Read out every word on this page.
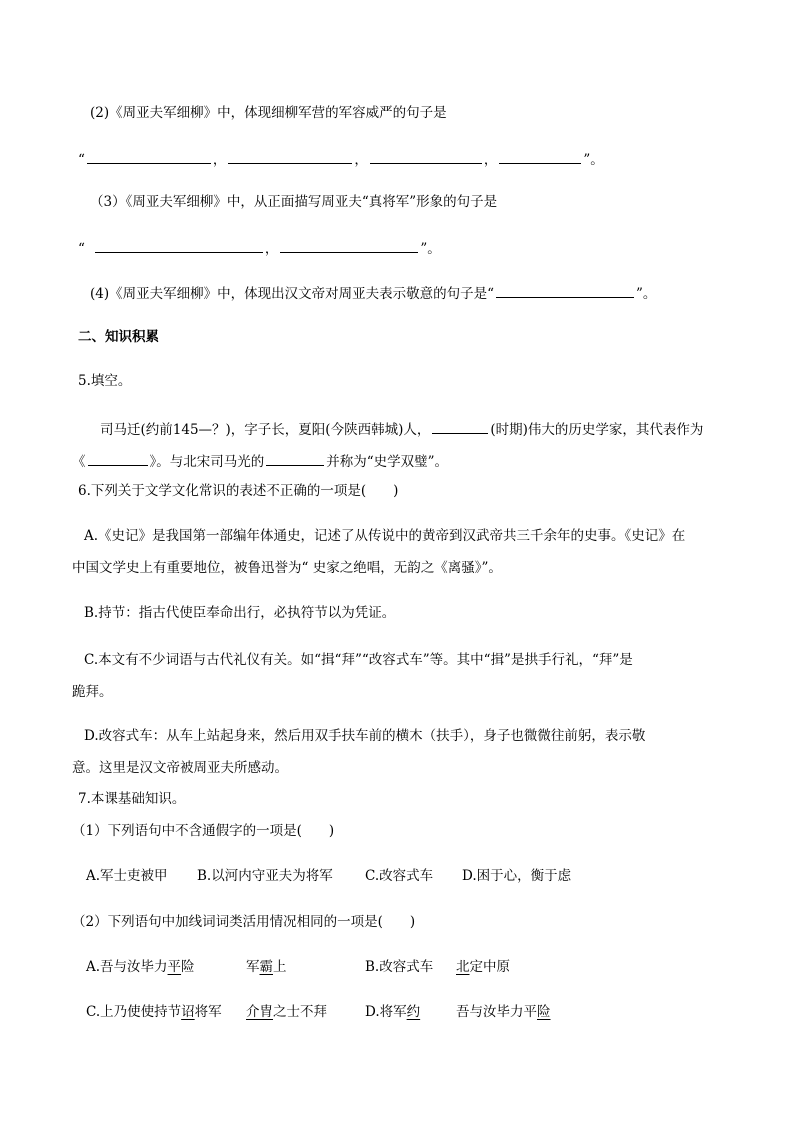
(2)《周亚夫军细柳》中，体现细柳军营的军容威严的句子是
“	，	，	，	”。
（3）《周亚夫军细柳》中，从正面描写周亚夫“真将军”形象的句子是
“	，	”。
(4)《周亚夫军细柳》中，体现出汉文帝对周亚夫表示敬意的句子是“	”。
二、知识积累
5.填空。
司马迁(约前145—？)，字子长，夏阳(今陕西韩城)人，	(时期)伟大的历史学家，其代表作为
《	》。与北宋司马光的	并称为“史学双璧”。
6.下列关于文学文化常识的表述不正确的一项是(　　)
A.《史记》是我国第一部编年体通史，记述了从传说中的黄帝到汉武帝共三千余年的史事。《史记》在
中国文学史上有重要地位，被鲁迅誉为“ 史家之绝唱，无韵之《离骚》”。
B.持节：指古代使臣奉命出行，必执符节以为凭证。
C.本文有不少词语与古代礼仪有关。如“揖“拜”“改容式车”等。其中“揖”是拱手行礼，“拜”是
跪拜。
D.改容式车：从车上站起身来，然后用双手扶车前的横木（扶手），身子也微微往前躬，表示敬
意。这里是汉文帝被周亚夫所感动。
7.本课基础知识。
（1）下列语句中不含通假字的一项是(　　)
A.军士吏被甲 B.以河内守亚夫为将军 C.改容式车 D.困于心，衡于虑
（2）下列语句中加线词词类活用情况相同的一项是(　　)
A.吾与汝毕力平险	军霸上	B.改容式车 北定中原
C.上乃使使持节诏将军 介胄之士不拜	D.将军约	吾与汝毕力平险
